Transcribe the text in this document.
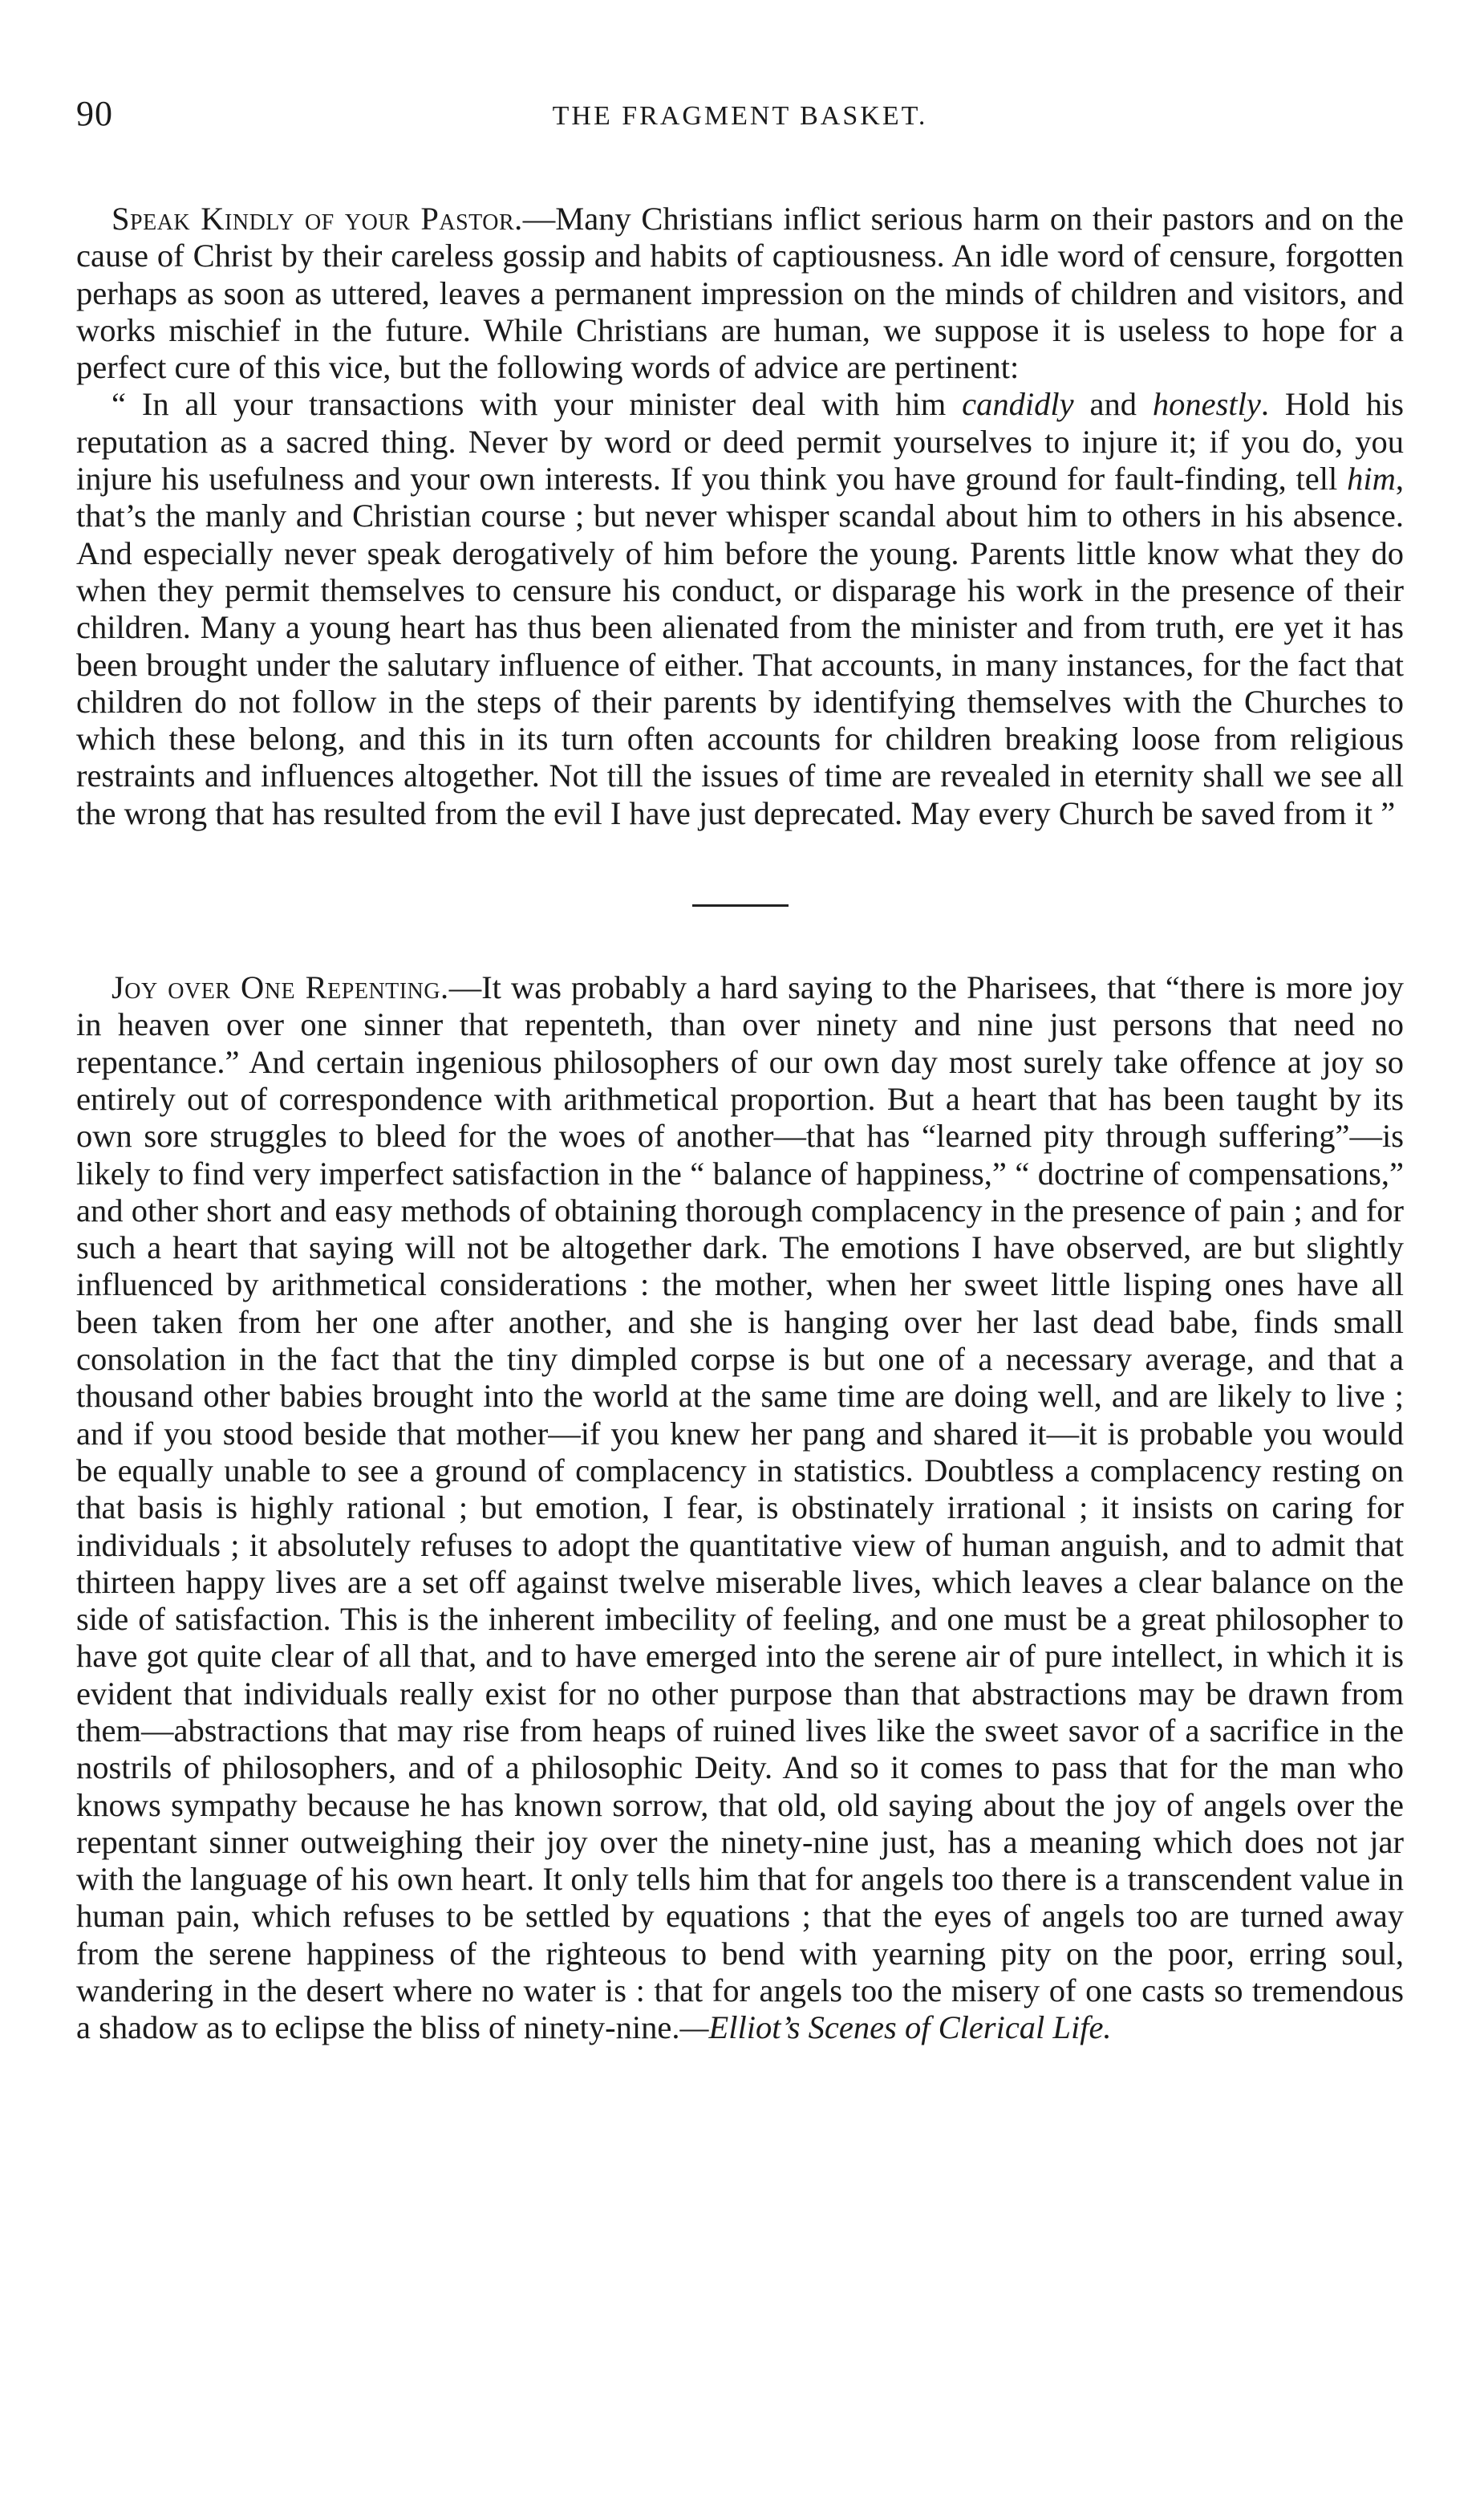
90	THE FRAGMENT BASKET.

Speak Kindly of your Pastor.—Many Christians inflict serious harm on their pastors and on the cause of Christ by their careless gossip and habits of captiousness. An idle word of censure, forgotten perhaps as soon as uttered, leaves a permanent impression on the minds of children and visitors, and works mischief in the future. While Christians are human, we suppose it is useless to hope for a perfect cure of this vice, but the following words of advice are pertinent:

“ In all your transactions with your minister deal with him candidly and honestly. Hold his reputation as a sacred thing. Never by word or deed permit yourselves to injure it; if you do, you injure his usefulness and your own interests. If you think you have ground for fault-finding, tell him, that’s the manly and Christian course ; but never whisper scandal about him to others in his absence. And especially never speak derogatively of him before the young. Parents little know what they do when they permit themselves to censure his conduct, or disparage his work in the presence of their children. Many a young heart has thus been alienated from the minister and from truth, ere yet it has been brought under the salutary influence of either. That accounts, in many instances, for the fact that children do not follow in the steps of their parents by identifying themselves with the Churches to which these belong, and this in its turn often accounts for children breaking loose from religious restraints and influences altogether. Not till the issues of time are revealed in eternity shall we see all the wrong that has resulted from the evil I have just deprecated. May every Church be saved from it ”

Joy over One Repenting.—It was probably a hard saying to the Pharisees, that “there is more joy in heaven over one sinner that repenteth, than over ninety and nine just persons that need no repentance.” And certain ingenious philosophers of our own day most surely take offence at joy so entirely out of correspondence with arithmetical proportion. But a heart that has been taught by its own sore struggles to bleed for the woes of another—that has “learned pity through suffering”—is likely to find very imperfect satisfaction in the “ balance of happiness,” “ doctrine of compensations,” and other short and easy methods of obtaining thorough complacency in the presence of pain ; and for such a heart that saying will not be altogether dark. The emotions I have observed, are but slightly influenced by arithmetical considerations : the mother, when her sweet little lisping ones have all been taken from her one after another, and she is hanging over her last dead babe, finds small consolation in the fact that the tiny dimpled corpse is but one of a necessary average, and that a thousand other babies brought into the world at the same time are doing well, and are likely to live ; and if you stood beside that mother—if you knew her pang and shared it—it is probable you would be equally unable to see a ground of complacency in statistics. Doubtless a complacency resting on that basis is highly rational ; but emotion, I fear, is obstinately irrational ; it insists on caring for individuals ; it absolutely refuses to adopt the quantitative view of human anguish, and to admit that thirteen happy lives are a set off against twelve miserable lives, which leaves a clear balance on the side of satisfaction. This is the inherent imbecility of feeling, and one must be a great philosopher to have got quite clear of all that, and to have emerged into the serene air of pure intellect, in which it is evident that individuals really exist for no other purpose than that abstractions may be drawn from them—abstractions that may rise from heaps of ruined lives like the sweet savor of a sacrifice in the nostrils of philosophers, and of a philosophic Deity. And so it comes to pass that for the man who knows sympathy because he has known sorrow, that old, old saying about the joy of angels over the repentant sinner outweighing their joy over the ninety-nine just, has a meaning which does not jar with the language of his own heart. It only tells him that for angels too there is a transcendent value in human pain, which refuses to be settled by equations ; that the eyes of angels too are turned away from the serene happiness of the righteous to bend with yearning pity on the poor, erring soul, wandering in the desert where no water is : that for angels too the misery of one casts so tremendous a shadow as to eclipse the bliss of ninety-nine.—Elliot’s Scenes of Clerical Life.
